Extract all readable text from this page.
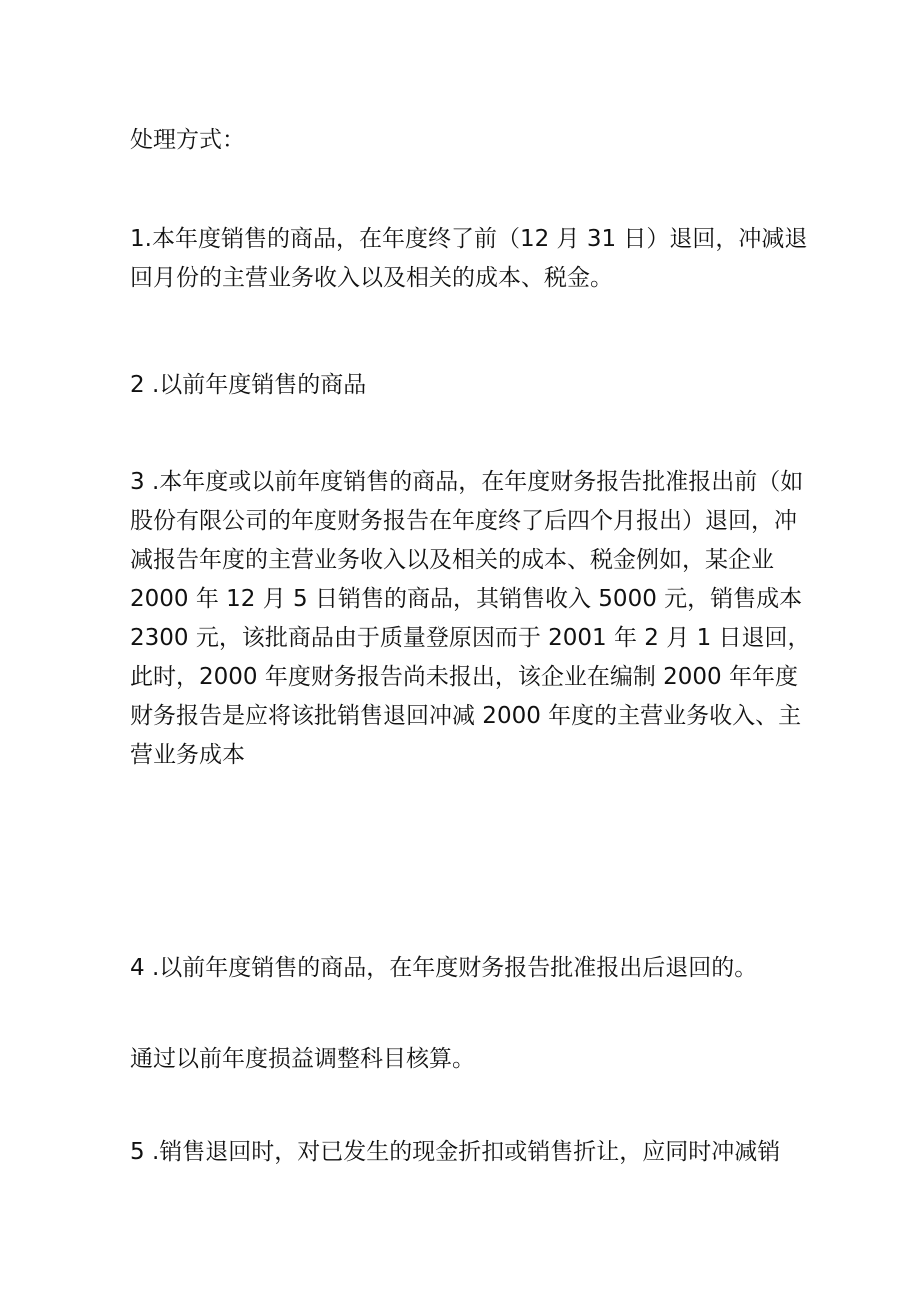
处理方式：

1.本年度销售的商品，在年度终了前（12 月 31 日）退回，冲减退
回月份的主营业务收入以及相关的成本、税金。

2 .以前年度销售的商品

3 .本年度或以前年度销售的商品，在年度财务报告批准报出前（如
股份有限公司的年度财务报告在年度终了后四个月报出）退回，冲
减报告年度的主营业务收入以及相关的成本、税金例如，某企业
2000 年 12 月 5 日销售的商品，其销售收入 5000 元，销售成本
2300 元，该批商品由于质量登原因而于 2001 年 2 月 1 日退回，
此时，2000 年度财务报告尚未报出，该企业在编制 2000 年年度
财务报告是应将该批销售退回冲减 2000 年度的主营业务收入、主
营业务成本

4 .以前年度销售的商品，在年度财务报告批准报出后退回的。

通过以前年度损益调整科目核算。

5 .销售退回时，对已发生的现金折扣或销售折让，应同时冲减销
